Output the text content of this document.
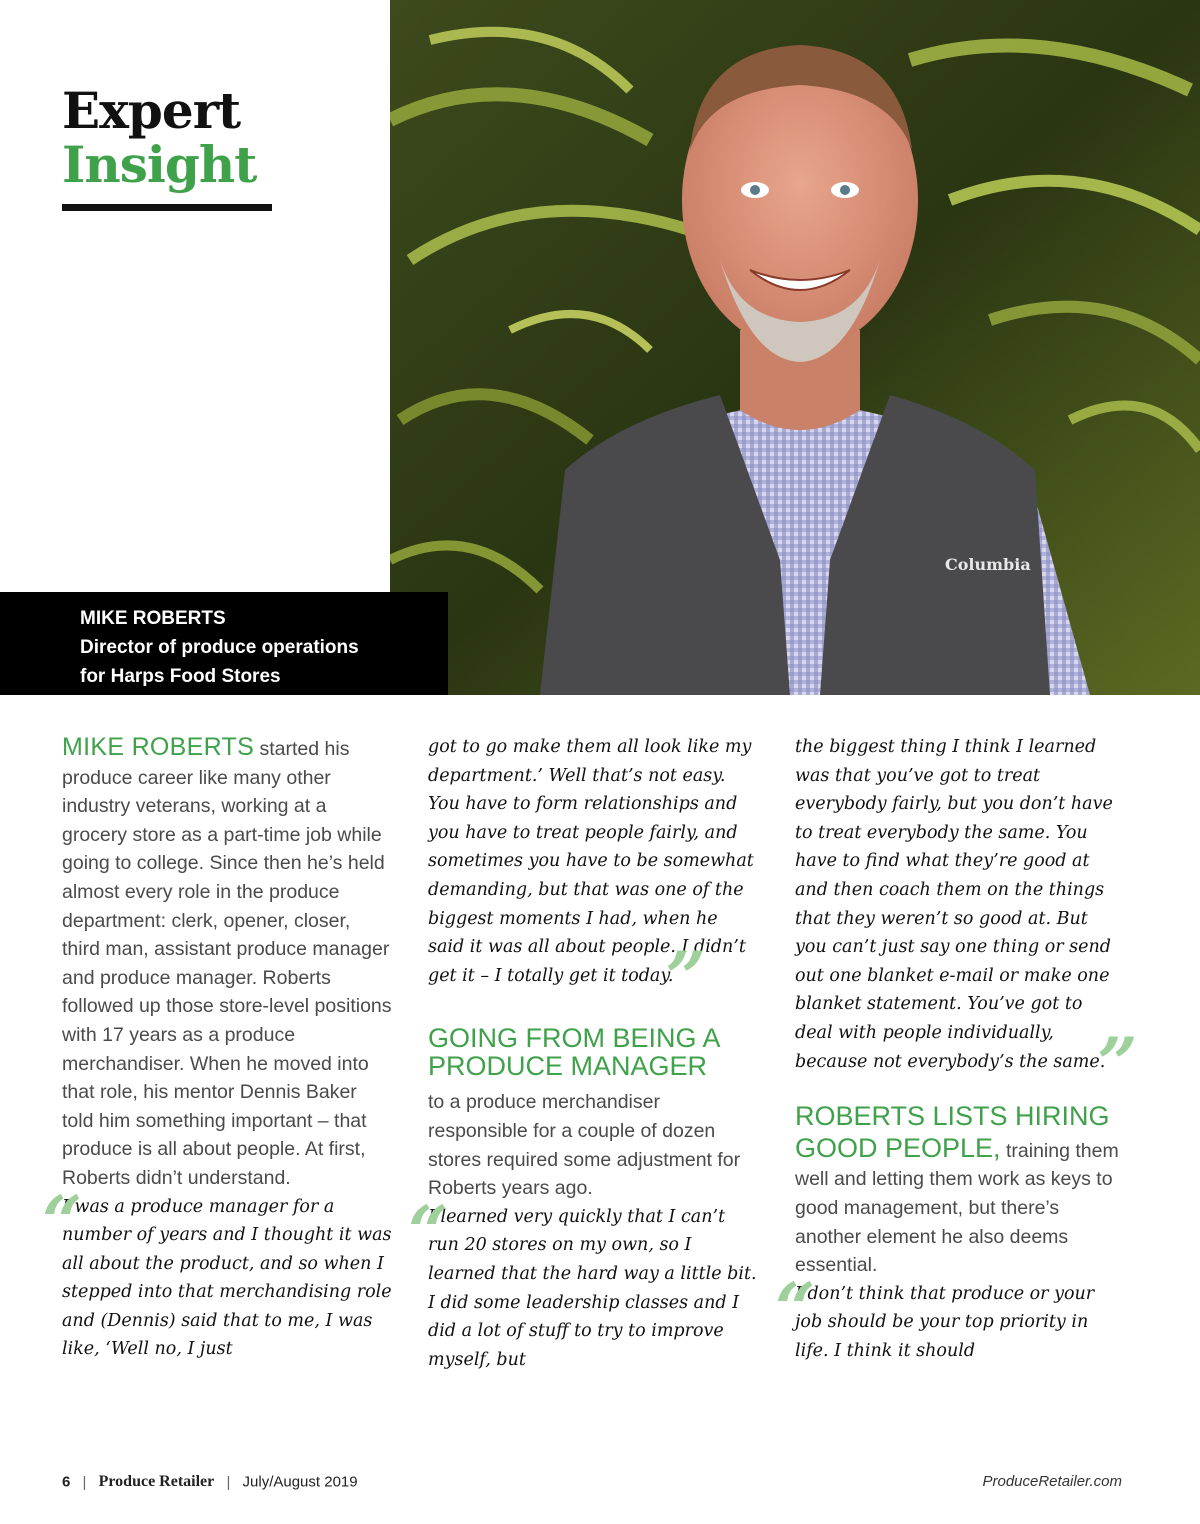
Expert
Insight
Columbia
MIKE ROBERTS
Director of produce operations
for Harps Food Stores

MIKE ROBERTS started his produce career like many other industry veterans, working at a grocery store as a part-time job while going to college. Since then he’s held almost every role in the produce department: clerk, opener, closer, third man, assistant produce manager and produce manager. Roberts followed up those store-level positions with 17 years as a produce merchandiser. When he moved into that role, his mentor Dennis Baker told him something important – that produce is all about people. At first, Roberts didn’t understand.

“
I was a produce manager for a number of years and I thought it was all about the product, and so when I stepped into that merchandising role and (Dennis) said that to me, I was like, ‘Well no, I just

got to go make them all look like my department.’ Well that’s not easy. You have to form relationships and you have to treat people fairly, and sometimes you have to be somewhat demanding, but that was one of the biggest moments I had, when he said it was all about people. I didn’t get it – I totally get it today.
”

GOING FROM BEING A PRODUCE MANAGER

to a produce merchandiser responsible for a couple of dozen stores required some adjustment for Roberts years ago.

“
I learned very quickly that I can’t run 20 stores on my own, so I learned that the hard way a little bit. I did some leadership classes and I did a lot of stuff to try to improve myself, but

the biggest thing I think I learned was that you’ve got to treat everybody fairly, but you don’t have to treat everybody the same. You have to find what they’re good at and then coach them on the things that they weren’t so good at. But you can’t just say one thing or send out one blanket e-mail or make one blanket statement. You’ve got to deal with people individually, because not everybody’s the same.
”

ROBERTS LISTS HIRING GOOD PEOPLE, training them well and letting them work as keys to good management, but there’s another element he also deems essential.

“
I don’t think that produce or your job should be your top priority in life. I think it should

6 | Produce Retailer | July/August 2019	ProduceRetailer.com
